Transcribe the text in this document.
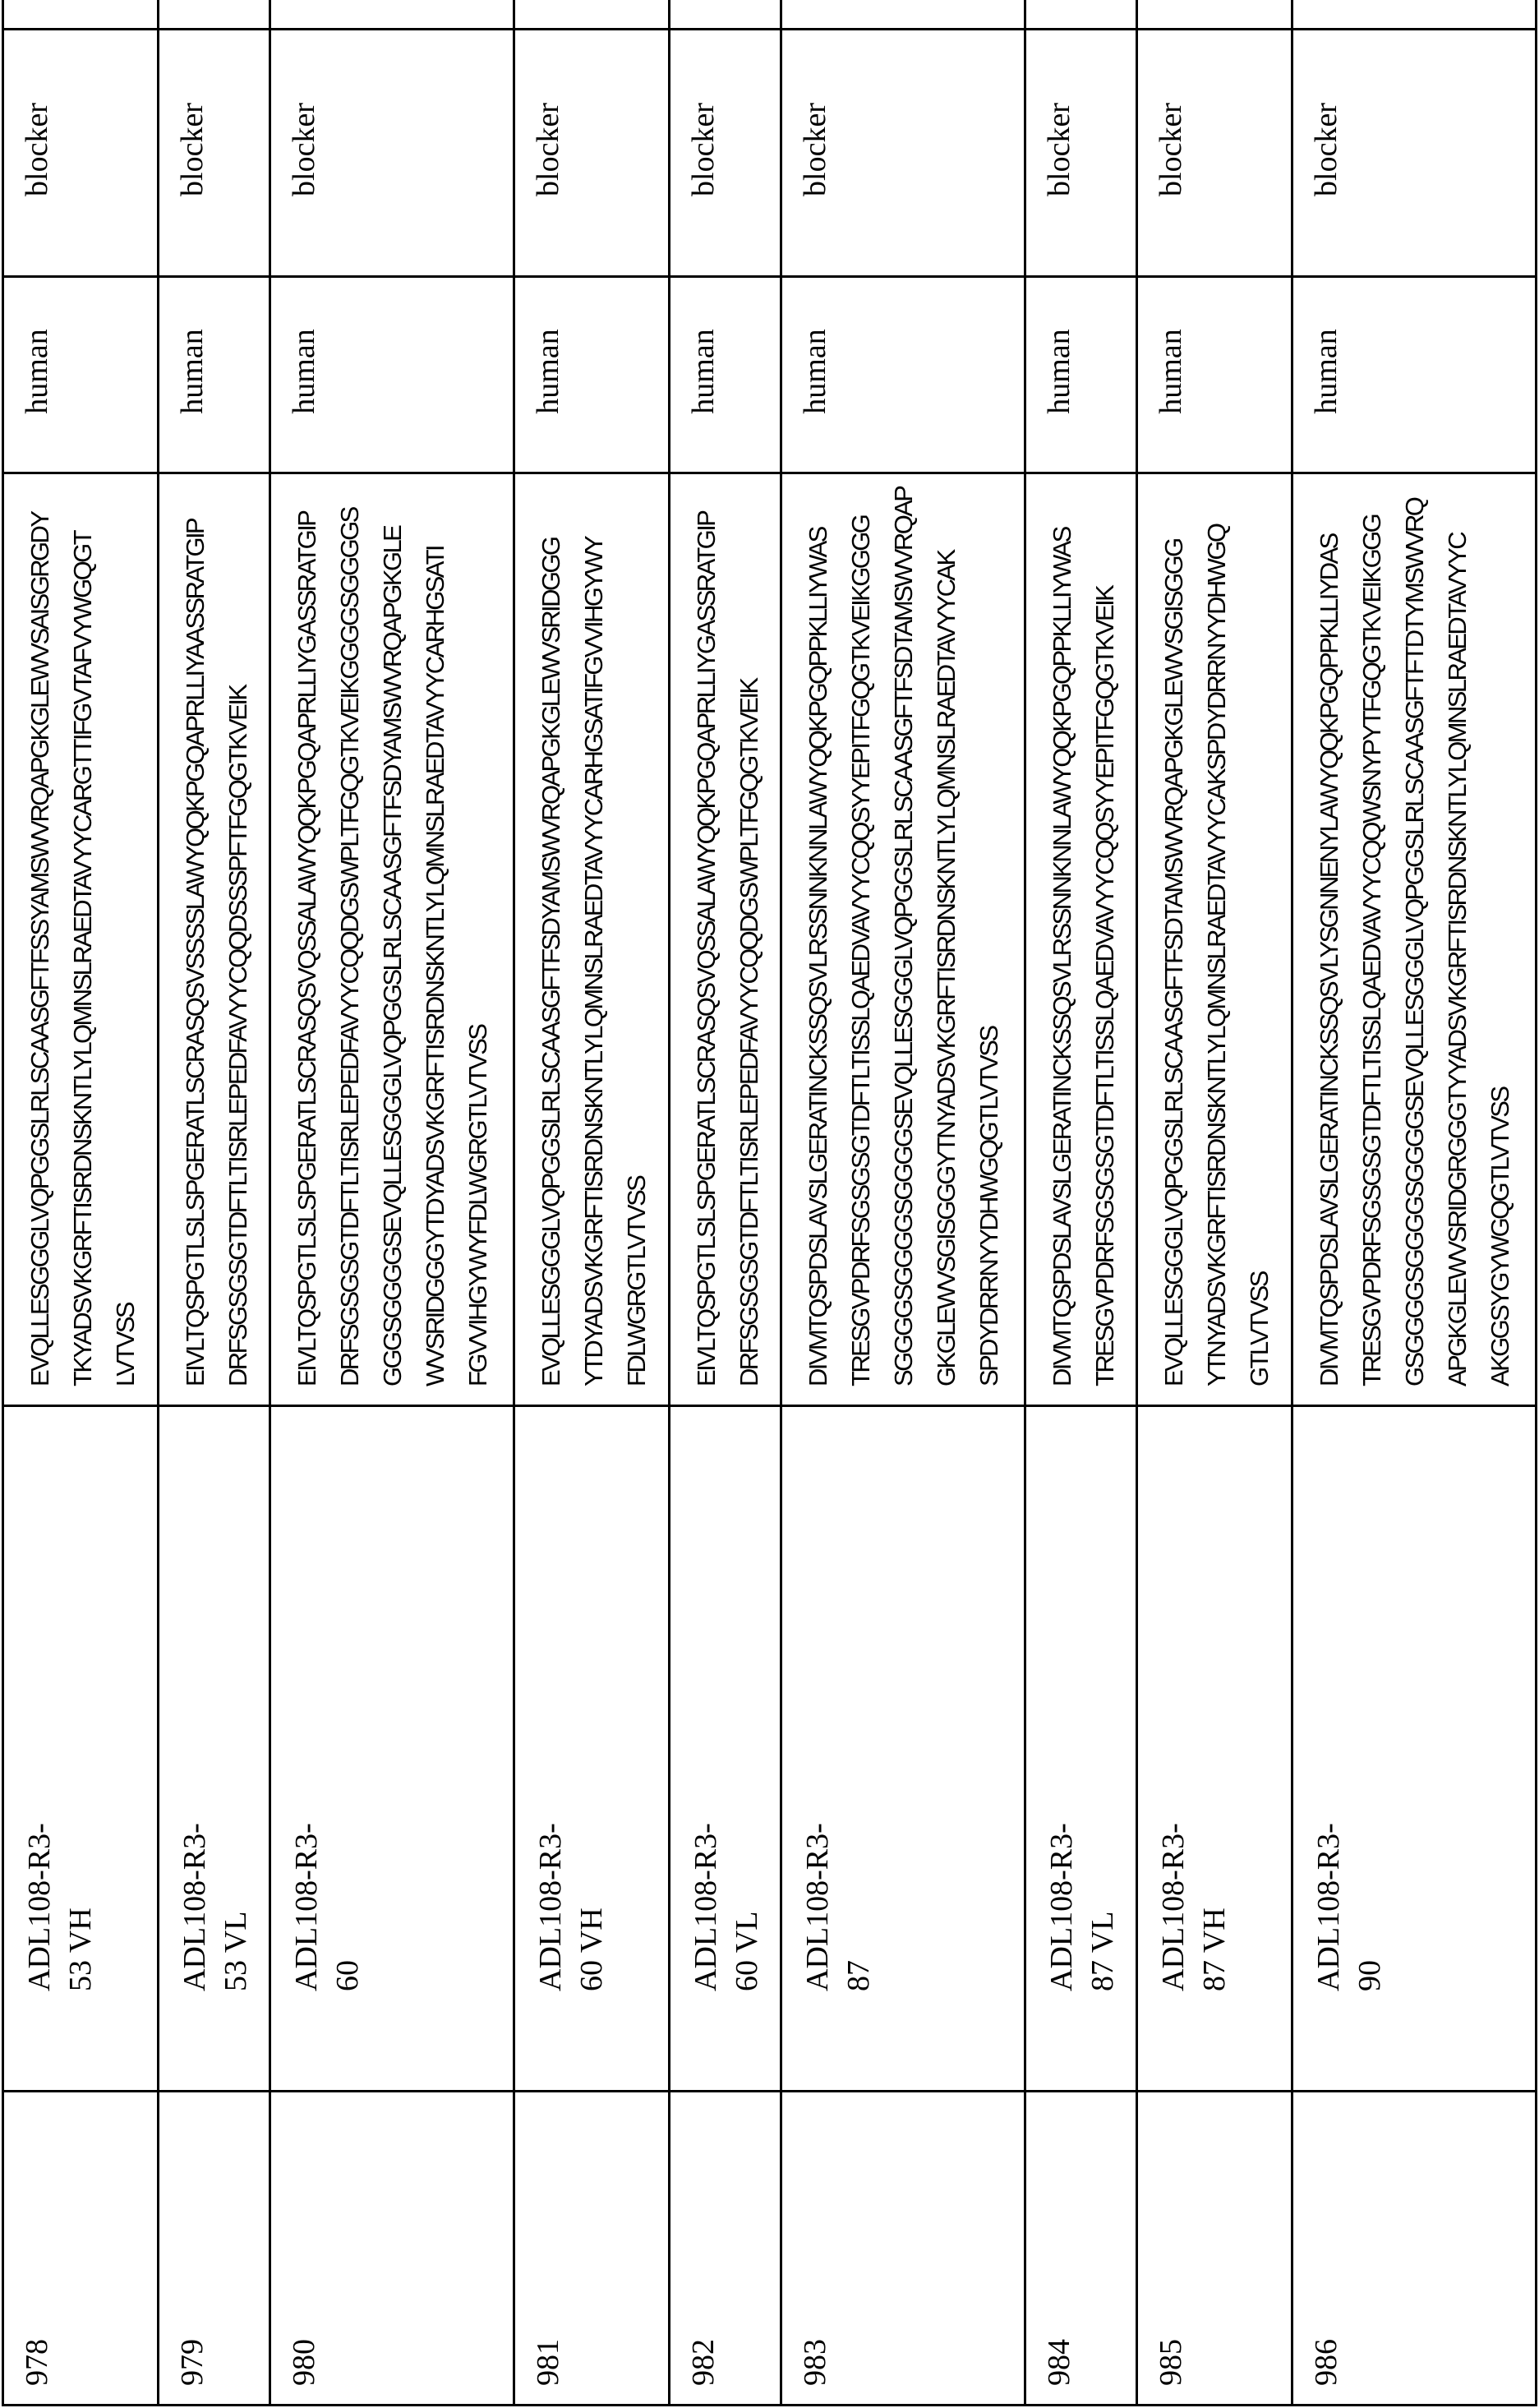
978	
ADL108-R3- 53 VH

EVQLLESGGGLVQPGGSLRLSCAASGFTFSSYAMSWVRQAPGKGLEWVSAISGRGDY TKYADSVKGRFTISRDNSKNTLYLQMNSLRAEDTAVYYCARGTTIFGVTAFVYWGQGT LVTVSS
	human	blocker	
979	
ADL108-R3- 53 VL

EIVLTQSPGTLSLSPGERATLSCRASQSVSSSSLAWYQQKPGQAPRLLIYAASSRATGIP DRFSGSGSGTDFTLTISRLEPEDFAVYYCQQDSSSPFTFGQGTKVEIK
	human	blocker	
980	
ADL108-R3- 60

EIVLTQSPGTLSLSPGERATLSCRASQSVQSSALAWYQQKPGQAPRLLIYGASSRATGIP DRFSGSGSGTDFTLTISRLEPEDFAVYYCQQDGSWPLTFGQGTKVEIKGGGGSGGGGS GGGSGGGGSEVQLLESGGGLVQPGGSLRLSCAASGFTFSDYAMSWVRQAPGKGLE WVSRIDGGGYTDYADSVKGRFTISRDNSKNTLYLQMNSLRAEDTAVYYCARHGSATI FGVVIHGYWYFDLWGRGTLVTVSS
	human	blocker	
981	
ADL108-R3- 60 VH

EVQLLESGGGLVQPGGSLRLSCAASGFTFSDYAMSWVRQAPGKGLEWVSRIDGGG YTDYADSVKGRFTISRDNSKNTLYLQMNSLRAEDTAVYYCARHGSATIFGVVIHGYWY FDLWGRGTLVTVSS
	human	blocker	
982	
ADL108-R3- 60 VL

EIVLTQSPGTLSLSPGERATLSCRASQSVQSSALAWYQQKPGQAPRLLIYGASSRATGIP DRFSGSGSGTDFTLTISRLEPEDFAVYYCQQDGSWPLTFGQGTKVEIK
	human	blocker	
983	
ADL108-R3- 87

DIVMTQSPDSLAVSLGERATINCKSSQSVLRSSNNKNNLAWYQQKPGQPPKLLIYWAS TRESGVPDRFSGSGSGTDFTLTISSLQAEDVAVYYCQQSYYEPITFGQGTKVEIKGGGG SGGGGSGGGGSGGGGSEVQLLESGGGLVQPGGSLRLSCAASGFTFSDTAMSWVRQAP GKGLEWVSGISGGGYTNYADSVKGRFTISRDNSKNTLYLQMNSLRAEDTAVYYCAK SPDYDRRNYYDHWGQGTLVTVSS
	human	blocker	
984	
ADL108-R3- 87 VL

DIVMTQSPDSLAVSLGERATINCKSSQSVLRSSNNKNNLAWYQQKPGQPPKLLIYWAS TRESGVPDRFSGSGSGTDFTLTISSLQAEDVAVYYCQQSYYEPITFGQGTKVEIK
	human	blocker	
985	
ADL108-R3- 87 VH

EVQLLESGGGLVQPGGSLRLSCAASGFTFSDTAMSWVRQAPGKGLEWVSGISGGG YTNYADSVKGRFTISRDNSKNTLYLQMNSLRAEDTAVYYCAKSPDYDRRNYYDHWGQ GTLVTVSS
	human	blocker	
986	
ADL108-R3- 90

DIVMTQSPDSLAVSLGERATINCKSSQSVLYSGNNENYLAWYQQKPGQPPKLLIYDAS TRESGVPDRFSGSGSGTDFTLTISSLQAEDVAVYYCQQWSNYPYTFGQGTKVEIKGGG GSGGGGSGGGGSGGGGSEVQLLESGGGLVQPGGSLRLSCAASGFTFTDTYMSWVRQ APGKGLEWVSRIDGRGGGTYYADSVKGRFTISRDNSKNTLYLQMNSLRAEDTAVYYC AKGGSYGYWGQGTLVTVSS
	human	blocker	
